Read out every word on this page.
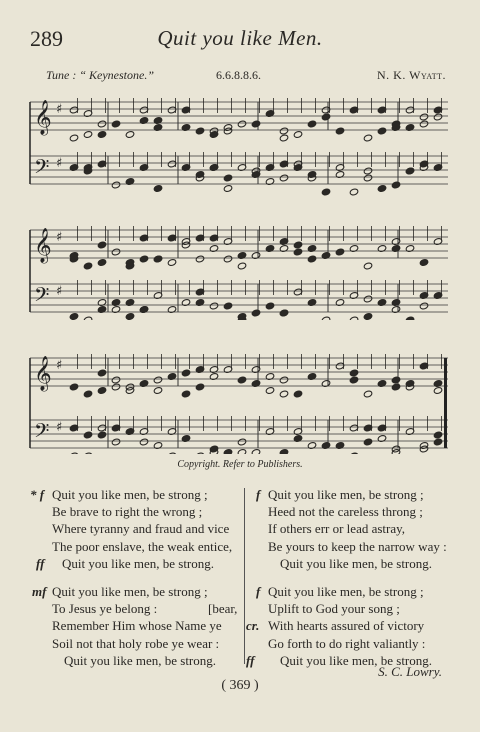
289	Quit you like Men.
Tune : “ Keynestone.”	6.6.8.8.6.	N. K. Wyatt.
𝄞
𝄢
♯
♯
𝄞
𝄢
♯
♯
𝄞
𝄢
♯
♯
Copyright. Refer to Publishers.
* f Quit you like men, be strong ;
Be brave to right the wrong ;
Where tyranny and fraud and vice
The poor enslave, the weak entice,
ff Quit you like men, be strong.
f Quit you like men, be strong ;
Heed not the careless throng ;
If others err or lead astray,
Be yours to keep the narrow way :
Quit you like men, be strong.
mf Quit you like men, be strong ;
To Jesus ye belong :	[bear,
Remember Him whose Name ye
Soil not that holy robe ye wear :
Quit you like men, be strong.
f Quit you like men, be strong ;
Uplift to God your song ;
cr. With hearts assured of victory
Go forth to do right valiantly :
ff Quit you like men, be strong.
S. C. Lowry.
( 369 )
